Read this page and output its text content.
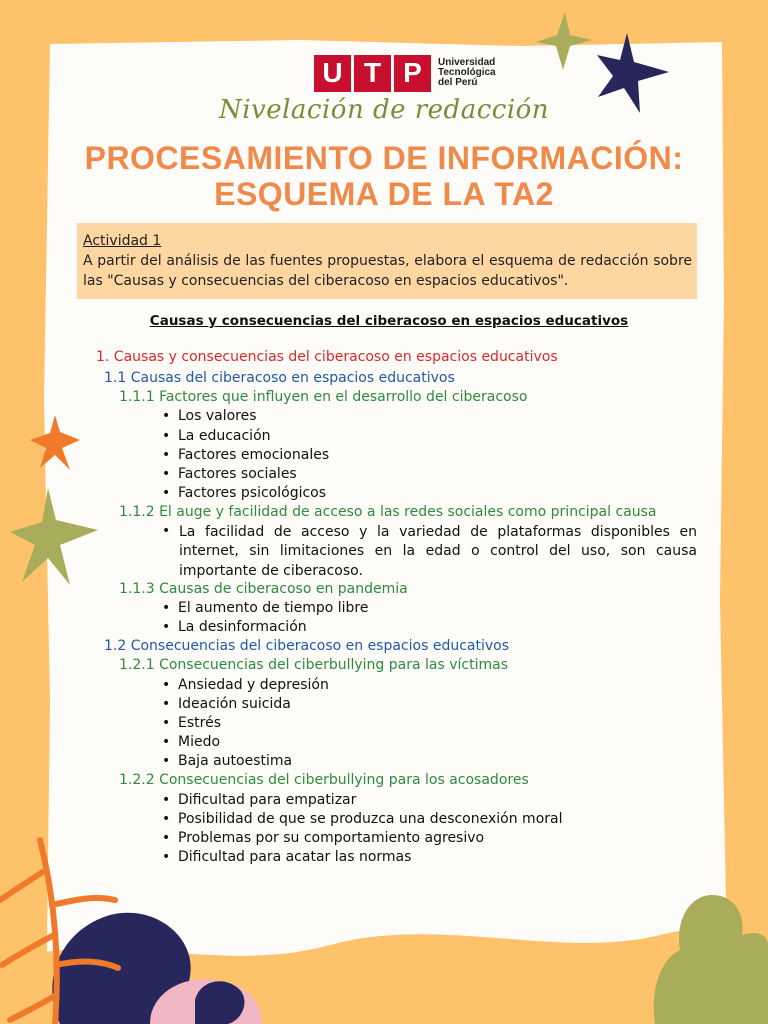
U T P	Universidad
Tecnológica
del Perú
Nivelación de redacción
PROCESAMIENTO DE INFORMACIÓN:
ESQUEMA DE LA TA2
Actividad 1
A partir del análisis de las fuentes propuestas, elabora el esquema de redacción sobre las "Causas y consecuencias del ciberacoso en espacios educativos".
Causas y consecuencias del ciberacoso en espacios educativos
1. Causas y consecuencias del ciberacoso en espacios educativos
1.1 Causas del ciberacoso en espacios educativos
1.1.1 Factores que influyen en el desarrollo del ciberacoso
• Los valores
• La educación
• Factores emocionales
• Factores sociales
• Factores psicológicos
1.1.2 El auge y facilidad de acceso a las redes sociales como principal causa
• La facilidad de acceso y la variedad de plataformas disponibles en internet, sin limitaciones en la edad o control del uso, son causa importante de ciberacoso.
1.1.3 Causas de ciberacoso en pandemia
• El aumento de tiempo libre
• La desinformación
1.2 Consecuencias del ciberacoso en espacios educativos
1.2.1 Consecuencias del ciberbullying para las víctimas
• Ansiedad y depresión
• Ideación suicida
• Estrés
• Miedo
• Baja autoestima
1.2.2 Consecuencias del ciberbullying para los acosadores
• Dificultad para empatizar
• Posibilidad de que se produzca una desconexión moral
• Problemas por su comportamiento agresivo
• Dificultad para acatar las normas
